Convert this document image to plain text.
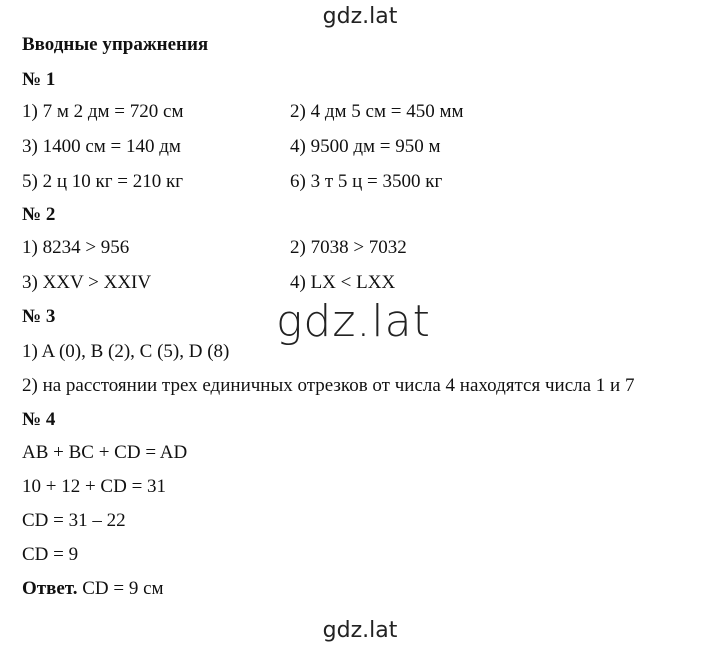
gdz.lat
Вводные упражнения
№ 1
1) 7 м 2 дм = 720 см	2) 4 дм 5 см = 450 мм
3) 1400 см = 140 дм	4) 9500 дм = 950 м
5) 2 ц 10 кг = 210 кг	6) 3 т 5 ц = 3500 кг
№ 2
1) 8234 > 956	2) 7038 > 7032
3) XXV > XXIV	4) LX < LXX
№ 3
1) A (0), B (2), C (5), D (8)
2) на расстоянии трех единичных отрезков от числа 4 находятся числа 1 и 7
gdz.lat
№ 4
AB + BC + CD = AD
10 + 12 + CD = 31
CD = 31 – 22
CD = 9
Ответ. CD = 9 см
gdz.lat
